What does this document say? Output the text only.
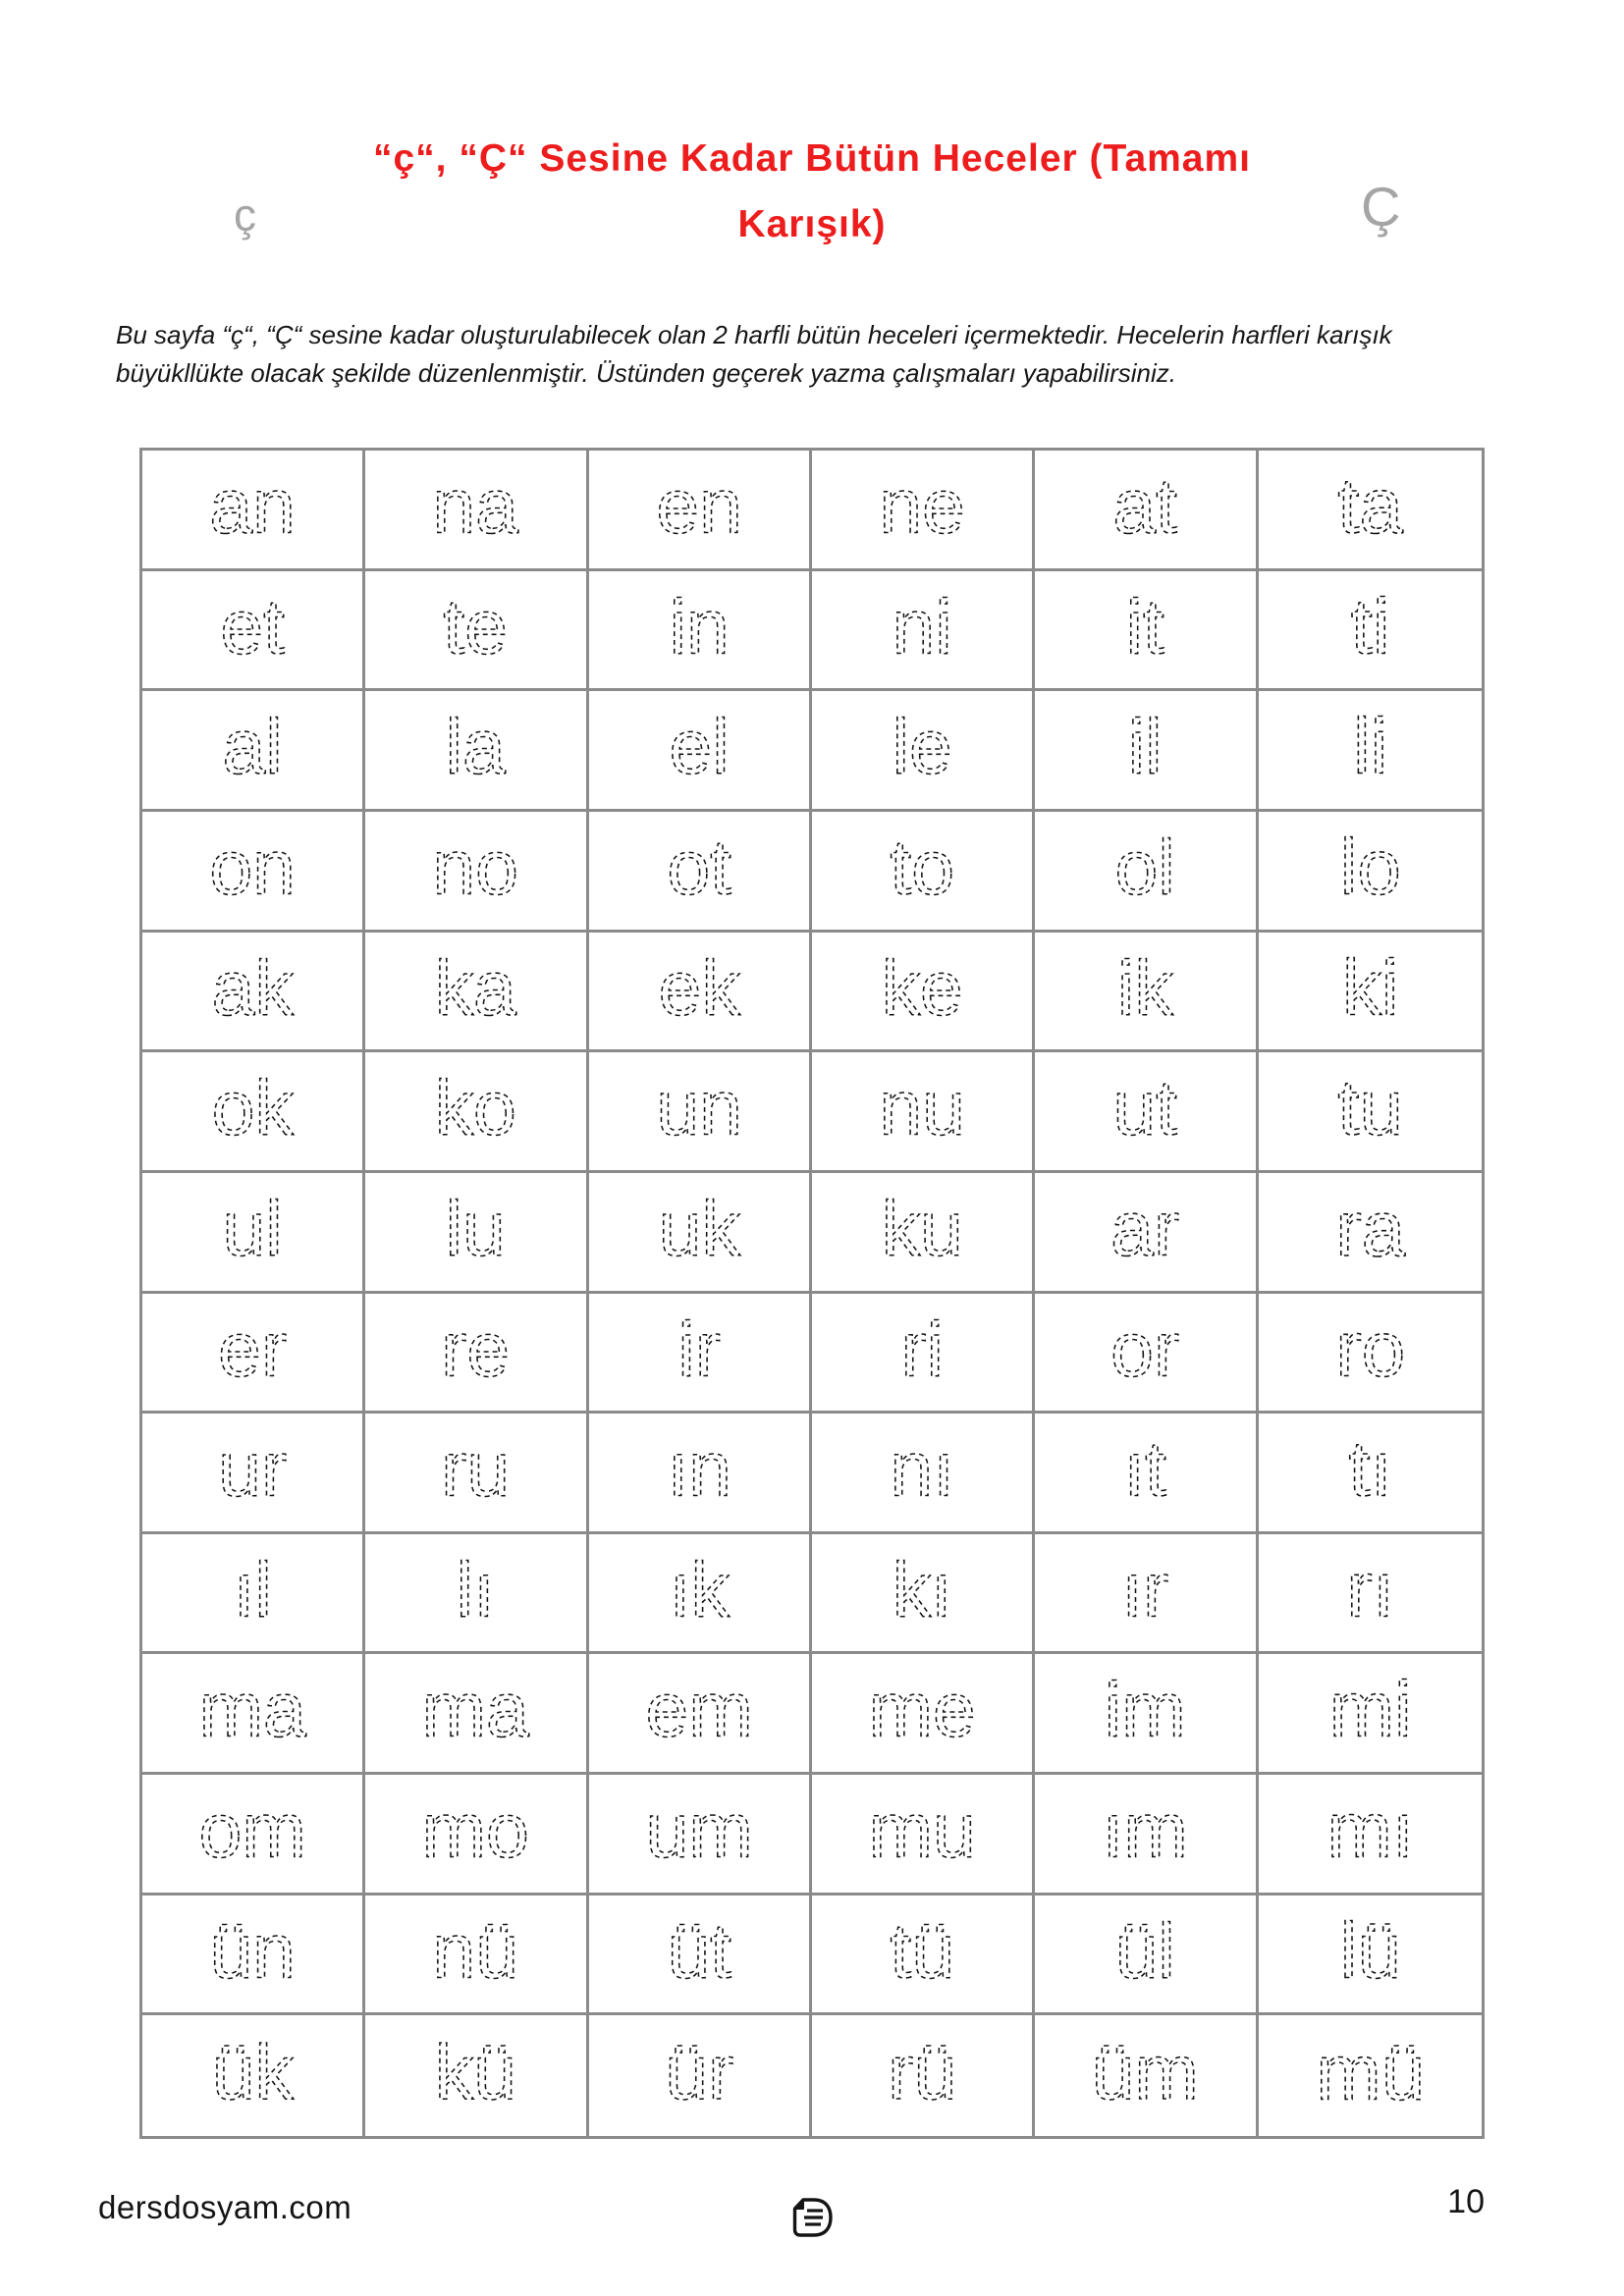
ç	Ç
“ç“, “Ç“ Sesine Kadar Bütün Heceler (Tamamı
Karışık)
Bu sayfa “ç“, “Ç“ sesine kadar oluşturulabilecek olan 2 harfli bütün heceleri içermektedir. Hecelerin harfleri karışık
büyükllükte olacak şekilde düzenlenmiştir. Üstünden geçerek yazma çalışmaları yapabilirsiniz.
an na en ne at ta
et te in ni it ti
al la el le il li
on no ot to ol lo
ak ka ek ke ik ki
ok ko un nu ut tu
ul lu uk ku ar ra
er re ir ri or ro
ur ru ın nı ıt tı
ıl lı ık kı ır rı
ma ma em me im mi
om mo um mu ım mı
ün nü üt tü ül lü
ük kü ür rü üm mü
dersdosyam.com	10
